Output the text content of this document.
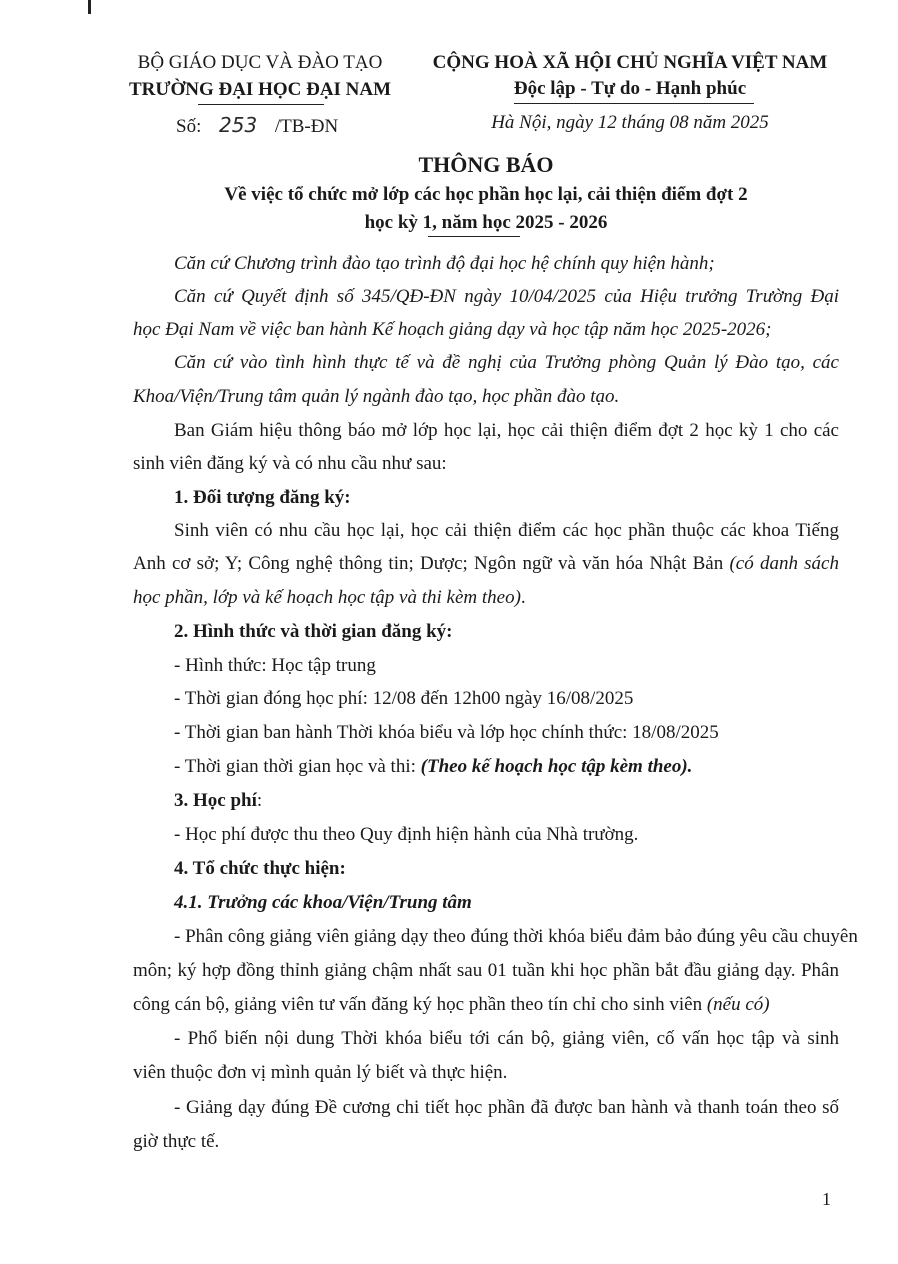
BỘ GIÁO DỤC VÀ ĐÀO TẠO
TRƯỜNG ĐẠI HỌC ĐẠI NAM
Số: 253 /TB-ĐN
CỘNG HOÀ XÃ HỘI CHỦ NGHĨA VIỆT NAM
Độc lập - Tự do - Hạnh phúc
Hà Nội, ngày 12 tháng 08 năm 2025
THÔNG BÁO
Về việc tổ chức mở lớp các học phần học lại, cải thiện điểm đợt 2
học kỳ 1, năm học 2025 - 2026
Căn cứ Chương trình đào tạo trình độ đại học hệ chính quy hiện hành;
Căn cứ Quyết định số 345/QĐ-ĐN ngày 10/04/2025 của Hiệu trưởng Trường Đại
học Đại Nam về việc ban hành Kế hoạch giảng dạy và học tập năm học 2025-2026;
Căn cứ vào tình hình thực tế và đề nghị của Trưởng phòng Quản lý Đào tạo, các
Khoa/Viện/Trung tâm quản lý ngành đào tạo, học phần đào tạo.
Ban Giám hiệu thông báo mở lớp học lại, học cải thiện điểm đợt 2 học kỳ 1 cho các
sinh viên đăng ký và có nhu cầu như sau:
1. Đối tượng đăng ký:
Sinh viên có nhu cầu học lại, học cải thiện điểm các học phần thuộc các khoa Tiếng
Anh cơ sở; Y; Công nghệ thông tin; Dược; Ngôn ngữ và văn hóa Nhật Bản (có danh sách
học phần, lớp và kế hoạch học tập và thi kèm theo).
2. Hình thức và thời gian đăng ký:
- Hình thức: Học tập trung
- Thời gian đóng học phí: 12/08 đến 12h00 ngày 16/08/2025
- Thời gian ban hành Thời khóa biểu và lớp học chính thức: 18/08/2025
- Thời gian thời gian học và thi: (Theo kế hoạch học tập kèm theo).
3. Học phí:
- Học phí được thu theo Quy định hiện hành của Nhà trường.
4. Tổ chức thực hiện:
4.1. Trưởng các khoa/Viện/Trung tâm
- Phân công giảng viên giảng dạy theo đúng thời khóa biểu đảm bảo đúng yêu cầu chuyên
môn; ký hợp đồng thỉnh giảng chậm nhất sau 01 tuần khi học phần bắt đầu giảng dạy. Phân
công cán bộ, giảng viên tư vấn đăng ký học phần theo tín chỉ cho sinh viên (nếu có)
- Phổ biến nội dung Thời khóa biểu tới cán bộ, giảng viên, cố vấn học tập và sinh
viên thuộc đơn vị mình quản lý biết và thực hiện.
- Giảng dạy đúng Đề cương chi tiết học phần đã được ban hành và thanh toán theo số
giờ thực tế.
1
